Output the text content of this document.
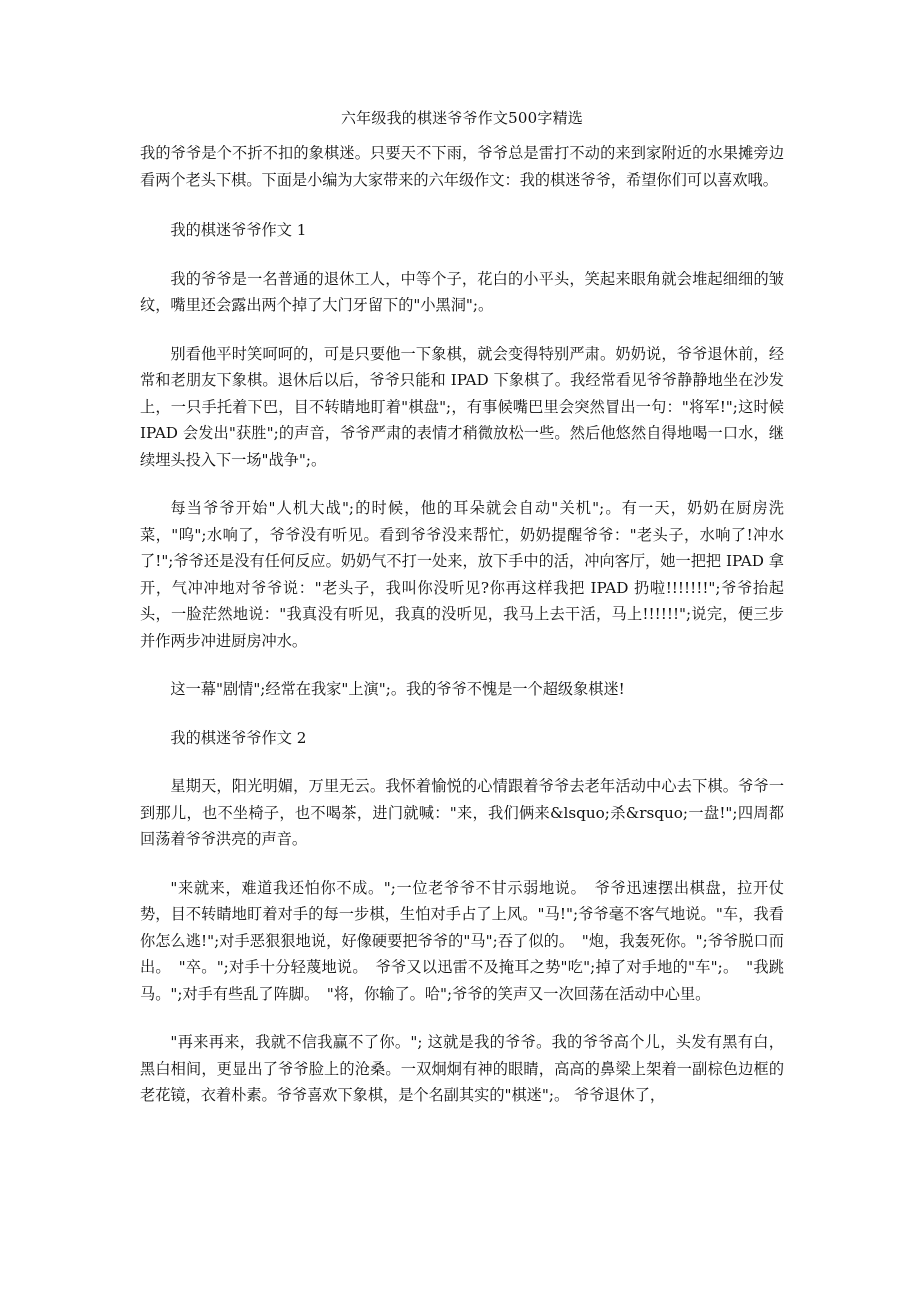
六年级我的棋迷爷爷作文500字精选

我的爷爷是个不折不扣的象棋迷。只要天不下雨，爷爷总是雷打不动的来到家附近的水果摊旁边看两个老头下棋。下面是小编为大家带来的六年级作文：我的棋迷爷爷，希望你们可以喜欢哦。

我的棋迷爷爷作文 1

我的爷爷是一名普通的退休工人，中等个子，花白的小平头，笑起来眼角就会堆起细细的皱纹，嘴里还会露出两个掉了大门牙留下的"小黑洞";。

别看他平时笑呵呵的，可是只要他一下象棋，就会变得特别严肃。奶奶说，爷爷退休前，经常和老朋友下象棋。退休后以后，爷爷只能和 IPAD 下象棋了。我经常看见爷爷静静地坐在沙发上，一只手托着下巴，目不转睛地盯着"棋盘";，有事候嘴巴里会突然冒出一句："将军!";这时候 IPAD 会发出"获胜";的声音，爷爷严肃的表情才稍微放松一些。然后他悠然自得地喝一口水，继续埋头投入下一场"战争";。

每当爷爷开始"人机大战";的时候，他的耳朵就会自动"关机";。有一天，奶奶在厨房洗菜，"呜";水响了，爷爷没有听见。看到爷爷没来帮忙，奶奶提醒爷爷："老头子，水响了!冲水了!";爷爷还是没有任何反应。奶奶气不打一处来，放下手中的活，冲向客厅，她一把把 IPAD 拿开，气冲冲地对爷爷说："老头子，我叫你没听见?你再这样我把 IPAD 扔啦!!!!!!!";爷爷抬起头，一脸茫然地说："我真没有听见，我真的没听见，我马上去干活，马上!!!!!!";说完，便三步并作两步冲进厨房冲水。

这一幕"剧情";经常在我家"上演";。我的爷爷不愧是一个超级象棋迷!

我的棋迷爷爷作文 2

星期天，阳光明媚，万里无云。我怀着愉悦的心情跟着爷爷去老年活动中心去下棋。爷爷一到那儿，也不坐椅子，也不喝茶，进门就喊："来，我们俩来&lsquo;杀&rsquo;一盘!";四周都回荡着爷爷洪亮的声音。

"来就来，难道我还怕你不成。";一位老爷爷不甘示弱地说。　爷爷迅速摆出棋盘，拉开仗势，目不转睛地盯着对手的每一步棋，生怕对手占了上风。"马!";爷爷毫不客气地说。"车，我看你怎么逃!";对手恶狠狠地说，好像硬要把爷爷的"马";吞了似的。　"炮，我轰死你。";爷爷脱口而出。　"卒。";对手十分轻蔑地说。　爷爷又以迅雷不及掩耳之势"吃";掉了对手地的"车";。　"我跳马。";对手有些乱了阵脚。　"将，你输了。哈";爷爷的笑声又一次回荡在活动中心里。

"再来再来，我就不信我赢不了你。"; 这就是我的爷爷。我的爷爷高个儿，头发有黑有白，黑白相间，更显出了爷爷脸上的沧桑。一双炯炯有神的眼睛，高高的鼻梁上架着一副棕色边框的老花镜，衣着朴素。爷爷喜欢下象棋，是个名副其实的"棋迷";。 爷爷退休了，
